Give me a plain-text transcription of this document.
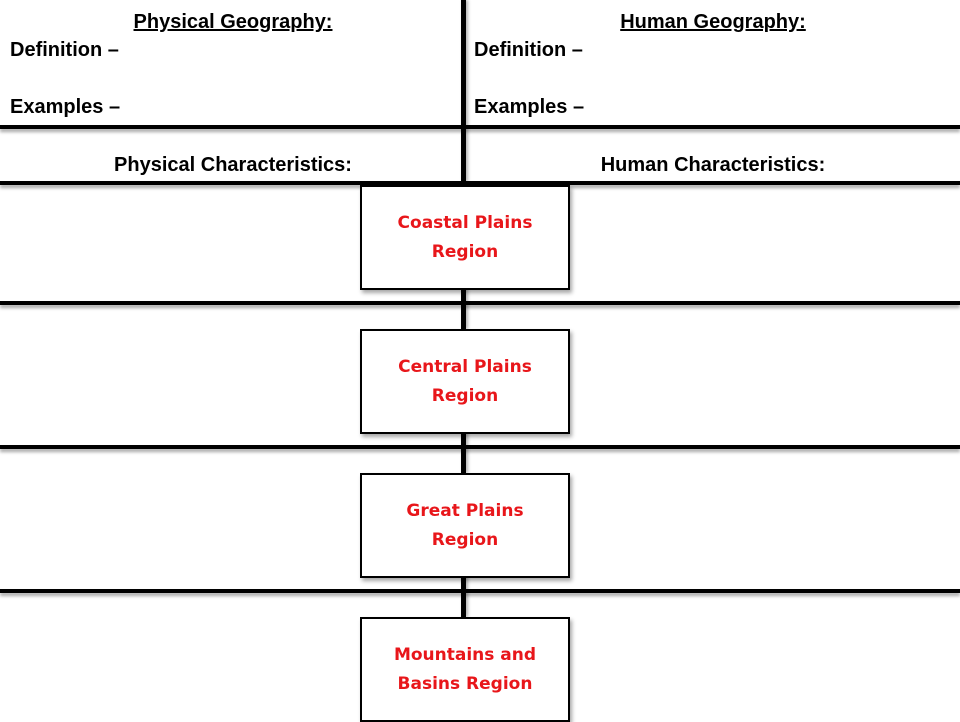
Physical Geography:
Definition –
Examples –
Human Geography:
Definition –
Examples –
Physical Characteristics:	Human Characteristics:
Coastal Plains
Region
Central Plains
Region
Great Plains
Region
Mountains and
Basins Region
